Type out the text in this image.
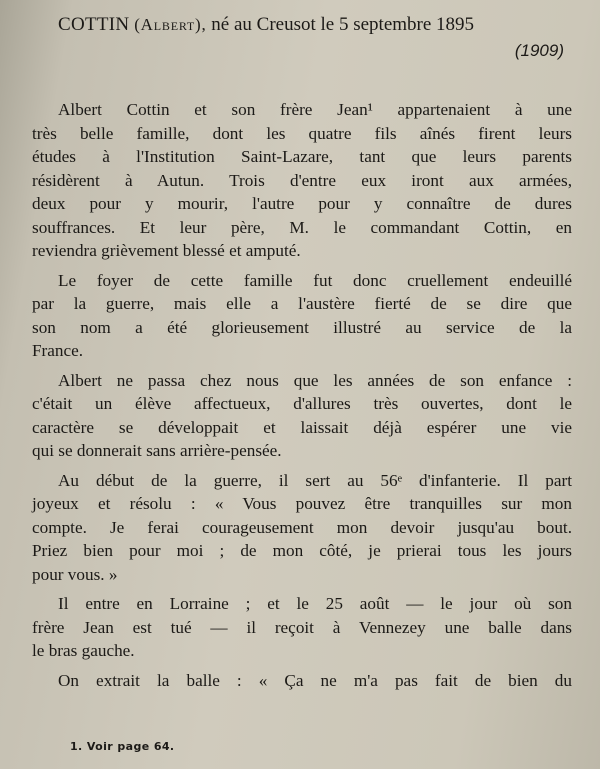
COTTIN (Albert), né au Creusot le 5 septembre 1895
(1909)

Albert Cottin et son frère Jean¹ appartenaient à une
très belle famille, dont les quatre fils aînés firent leurs
études à l'Institution Saint-Lazare, tant que leurs parents
résidèrent à Autun. Trois d'entre eux iront aux armées,
deux pour y mourir, l'autre pour y connaître de dures
souffrances. Et leur père, M. le commandant Cottin, en
reviendra grièvement blessé et amputé.

Le foyer de cette famille fut donc cruellement endeuillé
par la guerre, mais elle a l'austère fierté de se dire que
son nom a été glorieusement illustré au service de la
France.

Albert ne passa chez nous que les années de son enfance :
c'était un élève affectueux, d'allures très ouvertes, dont le
caractère se développait et laissait déjà espérer une vie
qui se donnerait sans arrière-pensée.

Au début de la guerre, il sert au 56ᵉ d'infanterie. Il part
joyeux et résolu : « Vous pouvez être tranquilles sur mon
compte. Je ferai courageusement mon devoir jusqu'au bout.
Priez bien pour moi ; de mon côté, je prierai tous les jours
pour vous. »

Il entre en Lorraine ; et le 25 août — le jour où son
frère Jean est tué — il reçoit à Vennezey une balle dans
le bras gauche.

On extrait la balle : « Ça ne m'a pas fait de bien du

1. Voir page 64.
